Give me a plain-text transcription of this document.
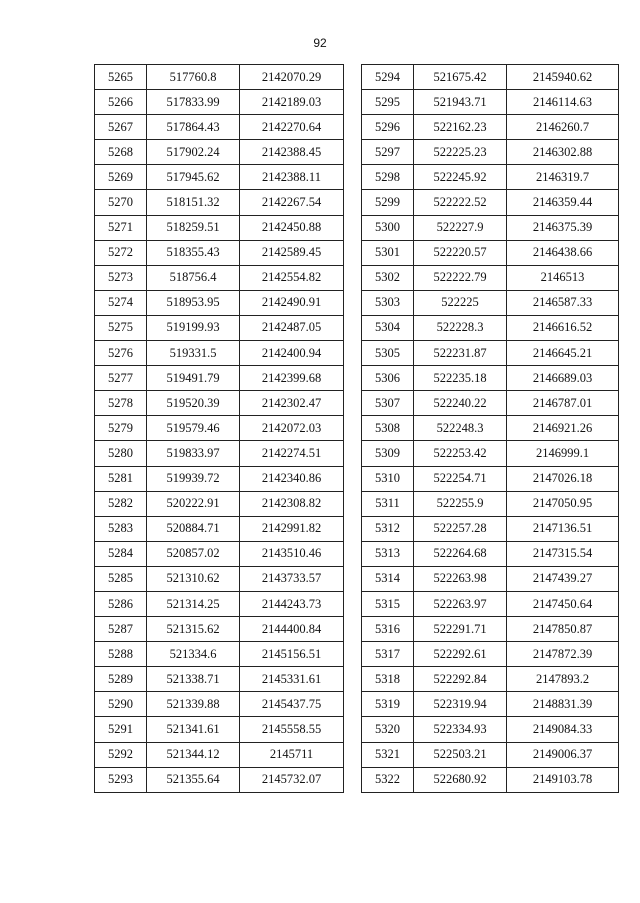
92
5265	517760.8	2142070.29
5266	517833.99	2142189.03
5267	517864.43	2142270.64
5268	517902.24	2142388.45
5269	517945.62	2142388.11
5270	518151.32	2142267.54
5271	518259.51	2142450.88
5272	518355.43	2142589.45
5273	518756.4	2142554.82
5274	518953.95	2142490.91
5275	519199.93	2142487.05
5276	519331.5	2142400.94
5277	519491.79	2142399.68
5278	519520.39	2142302.47
5279	519579.46	2142072.03
5280	519833.97	2142274.51
5281	519939.72	2142340.86
5282	520222.91	2142308.82
5283	520884.71	2142991.82
5284	520857.02	2143510.46
5285	521310.62	2143733.57
5286	521314.25	2144243.73
5287	521315.62	2144400.84
5288	521334.6	2145156.51
5289	521338.71	2145331.61
5290	521339.88	2145437.75
5291	521341.61	2145558.55
5292	521344.12	2145711
5293	521355.64	2145732.07
5294	521675.42	2145940.62
5295	521943.71	2146114.63
5296	522162.23	2146260.7
5297	522225.23	2146302.88
5298	522245.92	2146319.7
5299	522222.52	2146359.44
5300	522227.9	2146375.39
5301	522220.57	2146438.66
5302	522222.79	2146513
5303	522225	2146587.33
5304	522228.3	2146616.52
5305	522231.87	2146645.21
5306	522235.18	2146689.03
5307	522240.22	2146787.01
5308	522248.3	2146921.26
5309	522253.42	2146999.1
5310	522254.71	2147026.18
5311	522255.9	2147050.95
5312	522257.28	2147136.51
5313	522264.68	2147315.54
5314	522263.98	2147439.27
5315	522263.97	2147450.64
5316	522291.71	2147850.87
5317	522292.61	2147872.39
5318	522292.84	2147893.2
5319	522319.94	2148831.39
5320	522334.93	2149084.33
5321	522503.21	2149006.37
5322	522680.92	2149103.78
